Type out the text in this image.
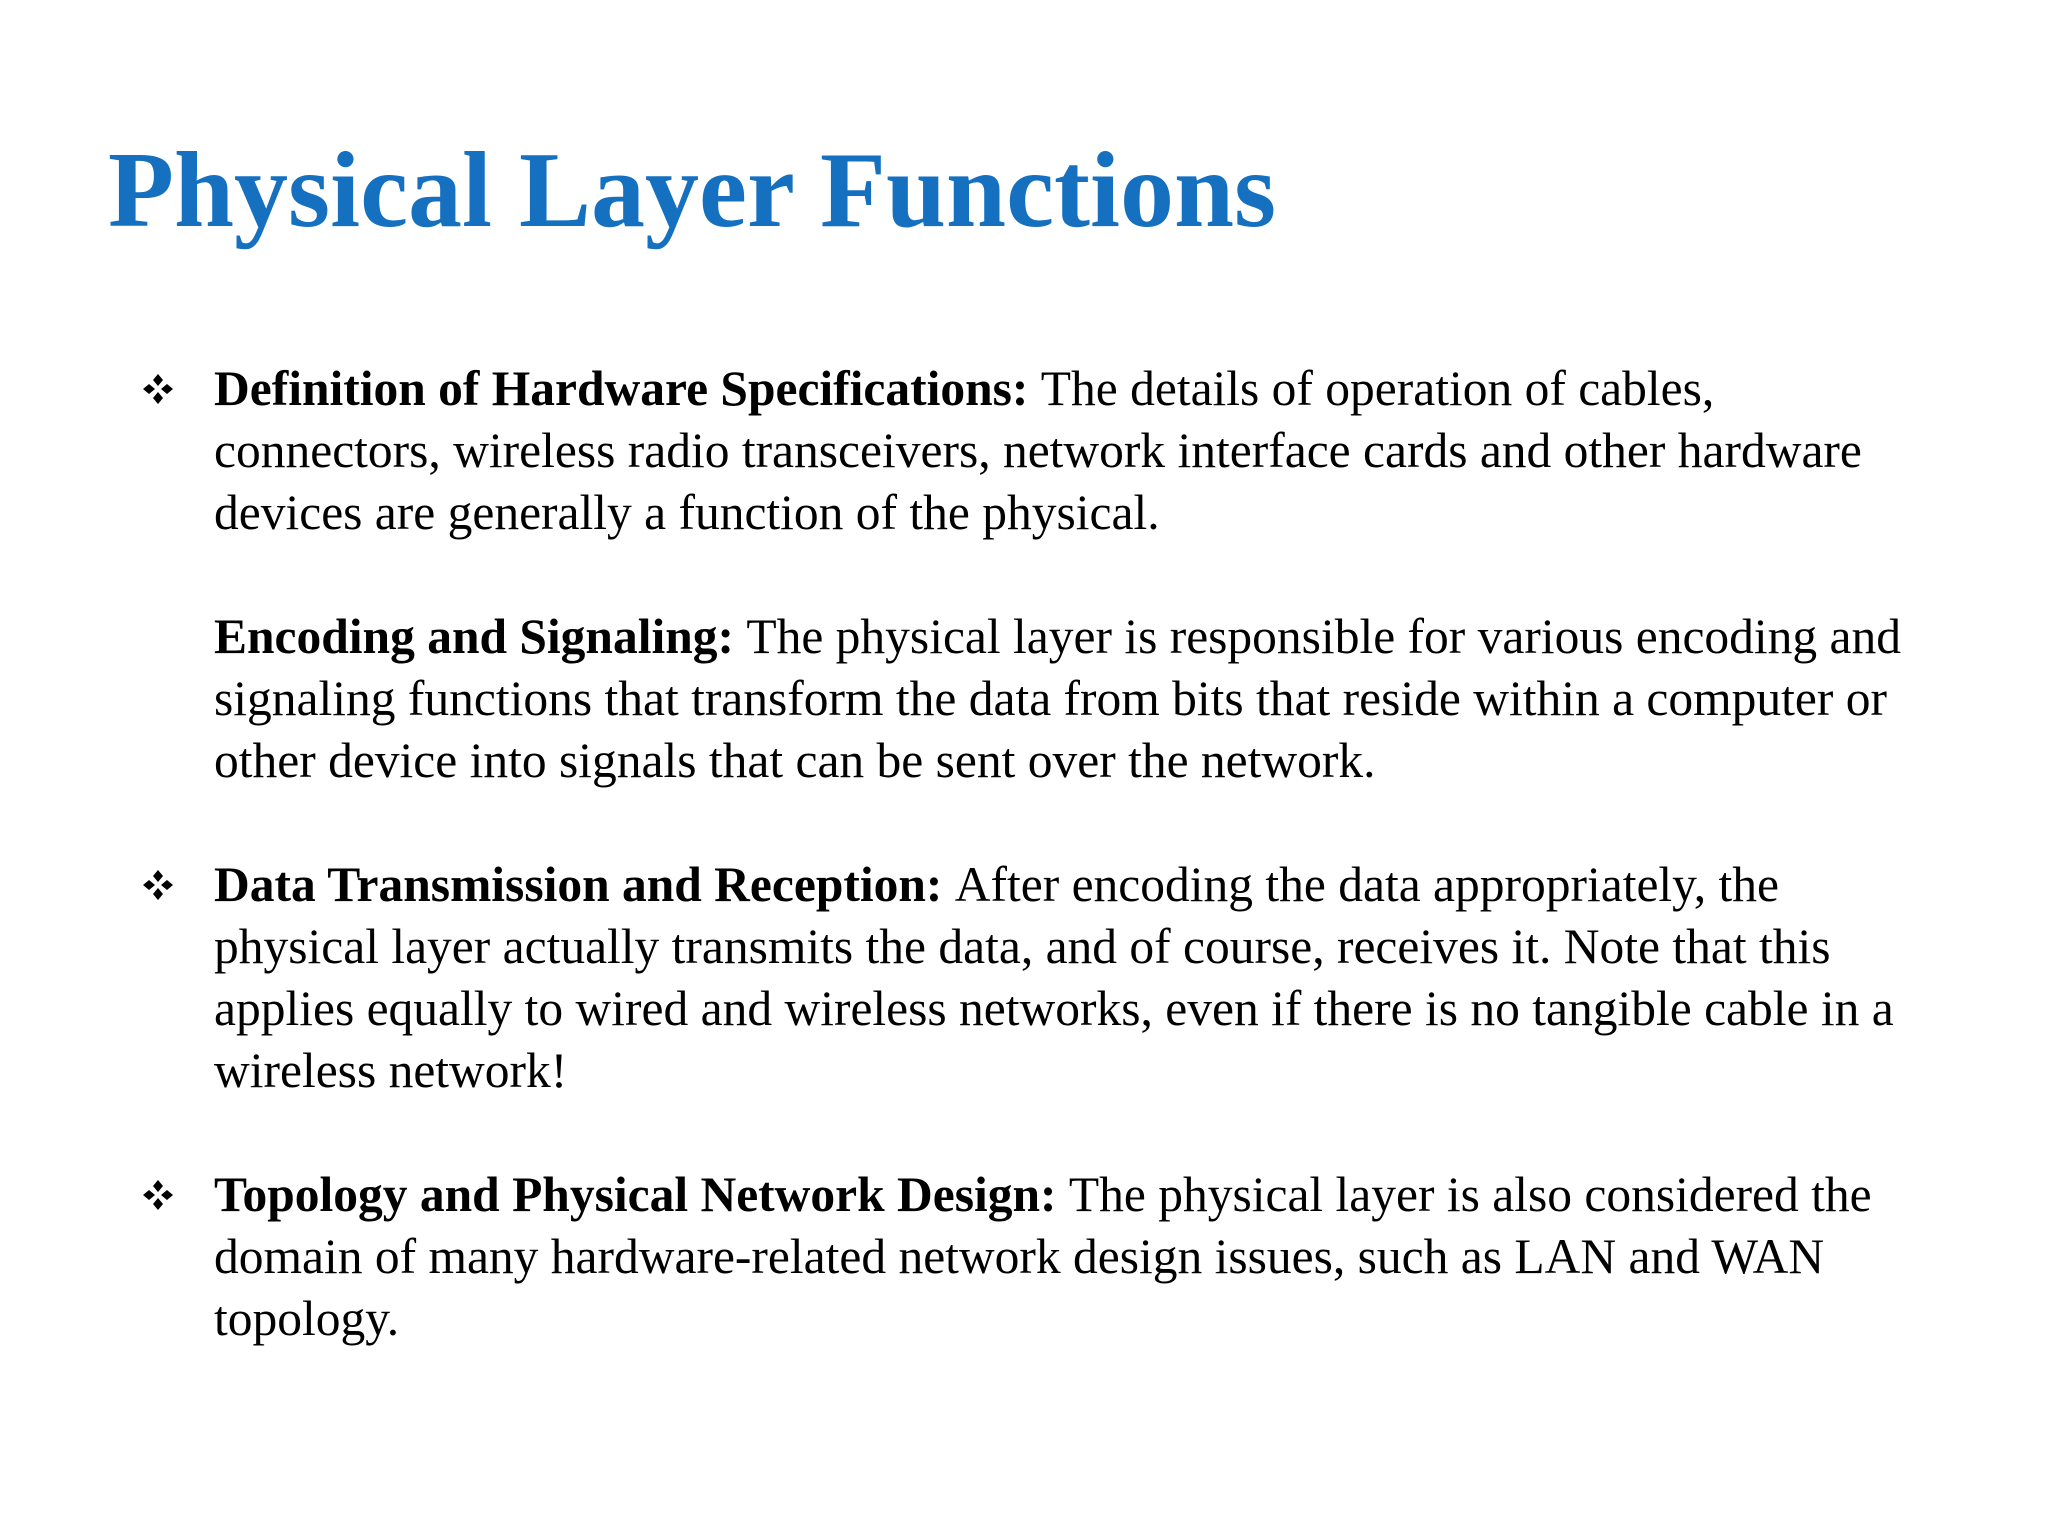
Physical Layer Functions

Definition of Hardware Specifications: The details of operation of cables, connectors, wireless radio transceivers, network interface cards and other hardware devices are generally a function of the physical.

Encoding and Signaling: The physical layer is responsible for various encoding and signaling functions that transform the data from bits that reside within a computer or other device into signals that can be sent over the network.

Data Transmission and Reception: After encoding the data appropriately, the physical layer actually transmits the data, and of course, receives it. Note that this applies equally to wired and wireless networks, even if there is no tangible cable in a wireless network!

Topology and Physical Network Design: The physical layer is also considered the domain of many hardware-related network design issues, such as LAN and WAN topology.
